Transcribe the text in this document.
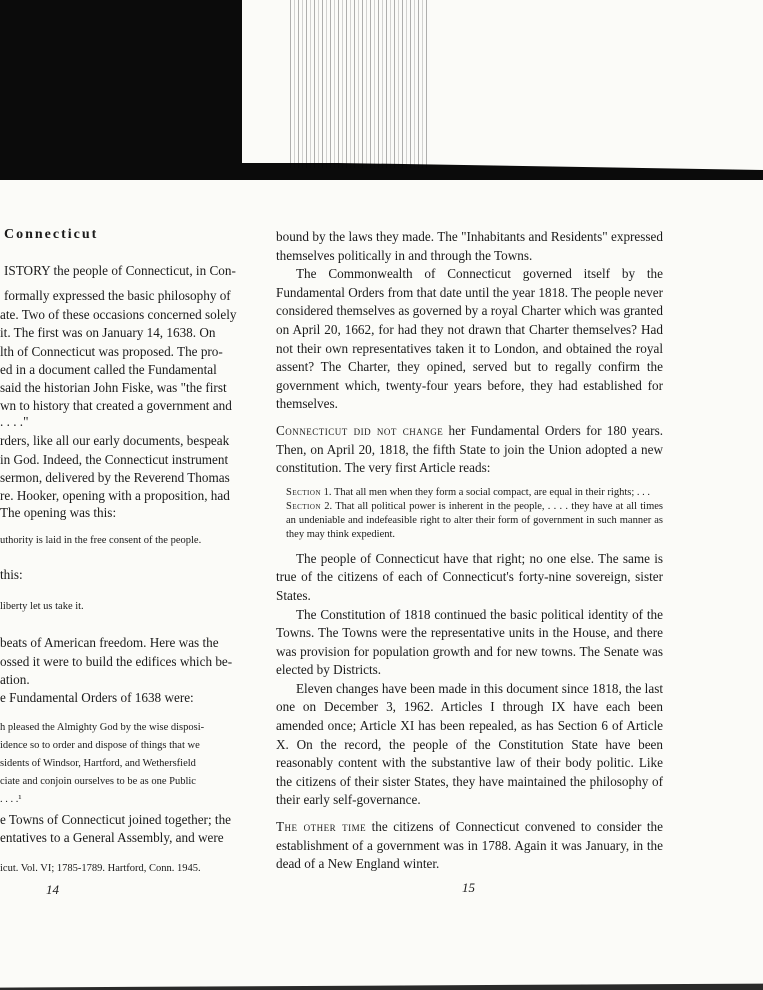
Connecticut
ISTORY the people of Connecticut, in Con-
formally expressed the basic philosophy of
ate. Two of these occasions concerned solely
it. The first was on January 14, 1638. On
lth of Connecticut was proposed. The pro-
ed in a document called the Fundamental
said the historian John Fiske, was "the first
wn to history that created a government and
. . . ."
rders, like all our early documents, bespeak
in God. Indeed, the Connecticut instrument
sermon, delivered by the Reverend Thomas
re. Hooker, opening with a proposition, had
The opening was this:
uthority is laid in the free consent of the people.
this:
liberty let us take it.
beats of American freedom. Here was the
ossed it were to build the edifices which be-
ation.
e Fundamental Orders of 1638 were:
h pleased the Almighty God by the wise disposi-
idence so to order and dispose of things that we
sidents of Windsor, Hartford, and Wethersfield
ciate and conjoin ourselves to be as one Public
. . . .¹
e Towns of Connecticut joined together; the
entatives to a General Assembly, and were
icut. Vol. VI; 1785-1789. Hartford, Conn. 1945.
14

bound by the laws they made. The "Inhabitants and Residents" expressed themselves politically in and through the Towns.

The Commonwealth of Connecticut governed itself by the Fundamental Orders from that date until the year 1818. The people never considered themselves as governed by a royal Charter which was granted on April 20, 1662, for had they not drawn that Charter themselves? Had not their own representatives taken it to London, and obtained the royal assent? The Charter, they opined, served but to regally confirm the government which, twenty-four years before, they had established for themselves.

Connecticut did not change her Fundamental Orders for 180 years. Then, on April 20, 1818, the fifth State to join the Union adopted a new constitution. The very first Article reads:

Section 1. That all men when they form a social compact, are equal in their rights; . . .

Section 2. That all political power is inherent in the people, . . . . they have at all times an undeniable and indefeasible right to alter their form of government in such manner as they may think expedient.

The people of Connecticut have that right; no one else. The same is true of the citizens of each of Connecticut's forty-nine sovereign, sister States.

The Constitution of 1818 continued the basic political identity of the Towns. The Towns were the representative units in the House, and there was provision for population growth and for new towns. The Senate was elected by Districts.

Eleven changes have been made in this document since 1818, the last one on December 3, 1962. Articles I through IX have each been amended once; Article XI has been repealed, as has Section 6 of Article X. On the record, the people of the Constitution State have been reasonably content with the substantive law of their body politic. Like the citizens of their sister States, they have maintained the philosophy of their early self-governance.

The other time the citizens of Connecticut convened to consider the establishment of a government was in 1788. Again it was January, in the dead of a New England winter.

15
